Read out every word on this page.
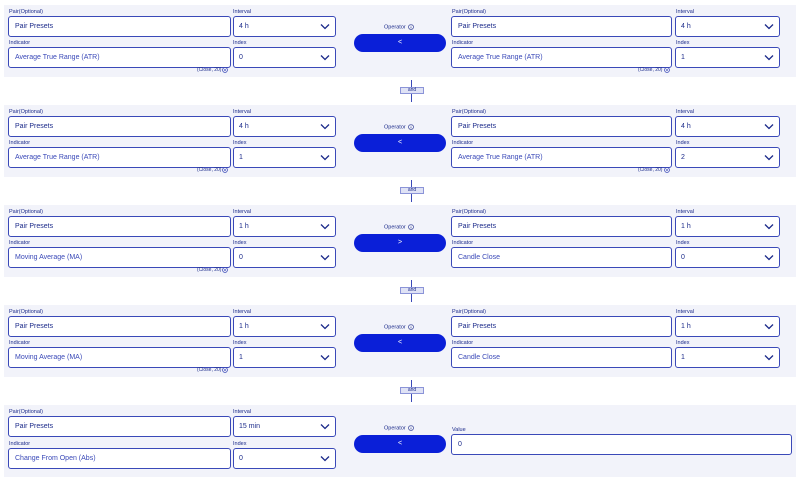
Pair(Optional)
Pair Presets
Interval
4 h
Indicator
Average True Range (ATR)
Index
0
(Close, 20)
Operator
<
Pair(Optional)
Pair Presets
Interval
4 h
Indicator
Average True Range (ATR)
Index
1
(Close, 20)
and
Pair(Optional)
Pair Presets
Interval
4 h
Indicator
Average True Range (ATR)
Index
1
(Close, 20)
Operator
<
Pair(Optional)
Pair Presets
Interval
4 h
Indicator
Average True Range (ATR)
Index
2
(Close, 20)
and
Pair(Optional)
Pair Presets
Interval
1 h
Indicator
Moving Average (MA)
Index
0
(Close, 20)
Operator
>
Pair(Optional)
Pair Presets
Interval
1 h
Indicator
Candle Close
Index
0
and
Pair(Optional)
Pair Presets
Interval
1 h
Indicator
Moving Average (MA)
Index
1
(Close, 20)
Operator
<
Pair(Optional)
Pair Presets
Interval
1 h
Indicator
Candle Close
Index
1
and
Pair(Optional)
Pair Presets
Interval
15 min
Indicator
Change From Open (Abs)
Index
0
Operator
<
Value
0
